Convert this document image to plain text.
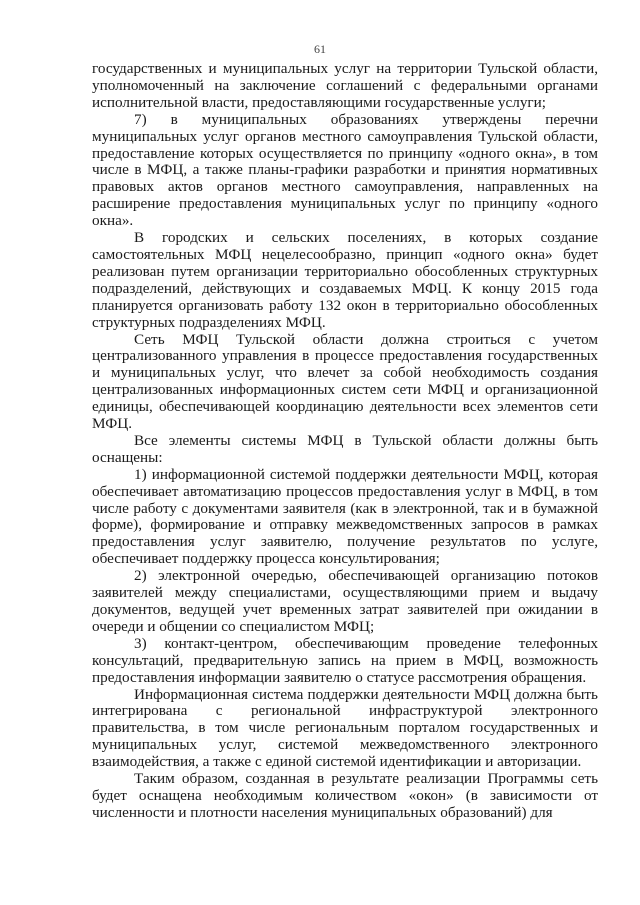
61

государственных и муниципальных услуг на территории Тульской области, уполномоченный на заключение соглашений с федеральными органами исполнительной власти, предоставляющими государственные услуги;

7) в муниципальных образованиях утверждены перечни муниципальных услуг органов местного самоуправления Тульской области, предоставление которых осуществляется по принципу «одного окна», в том числе в МФЦ, а также планы-графики разработки и принятия нормативных правовых актов органов местного самоуправления, направленных на расширение предоставления муниципальных услуг по принципу «одного окна».

В городских и сельских поселениях, в которых создание самостоятельных МФЦ нецелесообразно, принцип «одного окна» будет реализован путем организации территориально обособленных структурных подразделений, действующих и создаваемых МФЦ. К концу 2015 года планируется организовать работу 132 окон в территориально обособленных структурных подразделениях МФЦ.

Сеть МФЦ Тульской области должна строиться с учетом централизованного управления в процессе предоставления государственных и муниципальных услуг, что влечет за собой необходимость создания централизованных информационных систем сети МФЦ и организационной единицы, обеспечивающей координацию деятельности всех элементов сети МФЦ.

Все элементы системы МФЦ в Тульской области должны быть оснащены:

1) информационной системой поддержки деятельности МФЦ, которая обеспечивает автоматизацию процессов предоставления услуг в МФЦ, в том числе работу с документами заявителя (как в электронной, так и в бумажной форме), формирование и отправку межведомственных запросов в рамках предоставления услуг заявителю, получение результатов по услуге, обеспечивает поддержку процесса консультирования;

2) электронной очередью, обеспечивающей организацию потоков заявителей между специалистами, осуществляющими прием и выдачу документов, ведущей учет временных затрат заявителей при ожидании в очереди и общении со специалистом МФЦ;

3) контакт-центром, обеспечивающим проведение телефонных консультаций, предварительную запись на прием в МФЦ, возможность предоставления информации заявителю о статусе рассмотрения обращения.

Информационная система поддержки деятельности МФЦ должна быть интегрирована с региональной инфраструктурой электронного правительства, в том числе региональным порталом государственных и муниципальных услуг, системой межведомственного электронного взаимодействия, а также с единой системой идентификации и авторизации.

Таким образом, созданная в результате реализации Программы сеть будет оснащена необходимым количеством «окон» (в зависимости от численности и плотности населения муниципальных образований) для
